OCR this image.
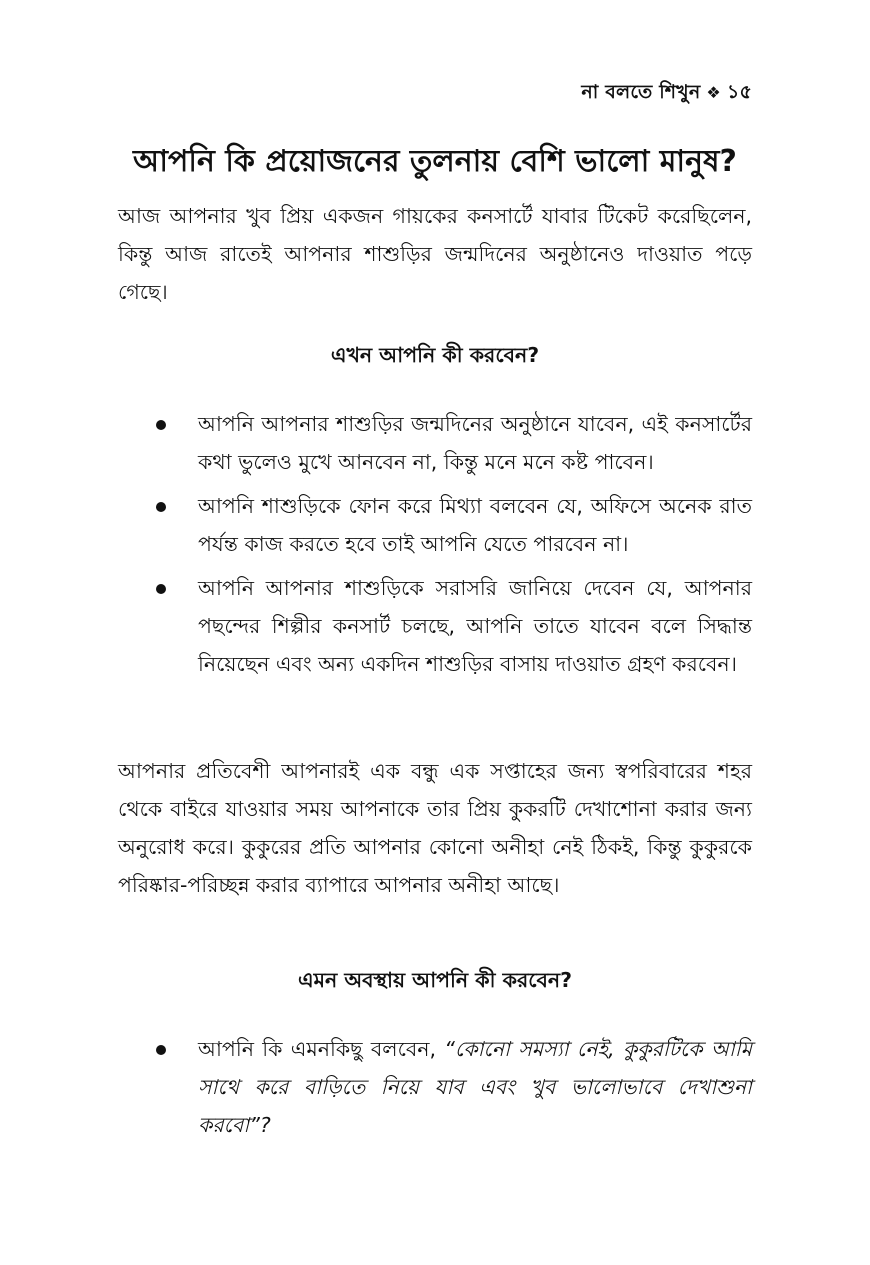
না বলতে শিখুন ❖ ১৫
আপনি কি প্রয়োজনের তুলনায় বেশি ভালো মানুষ?

আজ আপনার খুব প্রিয় একজন গায়কের কনসার্টে যাবার টিকেট করেছিলেন, কিন্তু আজ রাতেই আপনার শাশুড়ির জন্মদিনের অনুষ্ঠানেও দাওয়াত পড়ে গেছে।

এখন আপনি কী করবেন?

আপনি আপনার শাশুড়ির জন্মদিনের অনুষ্ঠানে যাবেন, এই কনসার্টের কথা ভুলেও মুখে আনবেন না, কিন্তু মনে মনে কষ্ট পাবেন।
আপনি শাশুড়িকে ফোন করে মিথ্যা বলবেন যে, অফিসে অনেক রাত পর্যন্ত কাজ করতে হবে তাই আপনি যেতে পারবেন না।
আপনি আপনার শাশুড়িকে সরাসরি জানিয়ে দেবেন যে, আপনার পছন্দের শিল্পীর কনসার্ট চলছে, আপনি তাতে যাবেন বলে সিদ্ধান্ত নিয়েছেন এবং অন্য একদিন শাশুড়ির বাসায় দাওয়াত গ্রহণ করবেন।

আপনার প্রতিবেশী আপনারই এক বন্ধু এক সপ্তাহের জন্য স্বপরিবারের শহর থেকে বাইরে যাওয়ার সময় আপনাকে তার প্রিয় কুকরটি দেখাশোনা করার জন্য অনুরোধ করে। কুকুরের প্রতি আপনার কোনো অনীহা নেই ঠিকই, কিন্তু কুকুরকে পরিষ্কার-পরিচ্ছন্ন করার ব্যাপারে আপনার অনীহা আছে।

এমন অবস্থায় আপনি কী করবেন?

আপনি কি এমনকিছু বলবেন, “কোনো সমস্যা নেই, কুকুরটিকে আমি সাথে করে বাড়িতে নিয়ে যাব এবং খুব ভালোভাবে দেখাশুনা করবো”?
